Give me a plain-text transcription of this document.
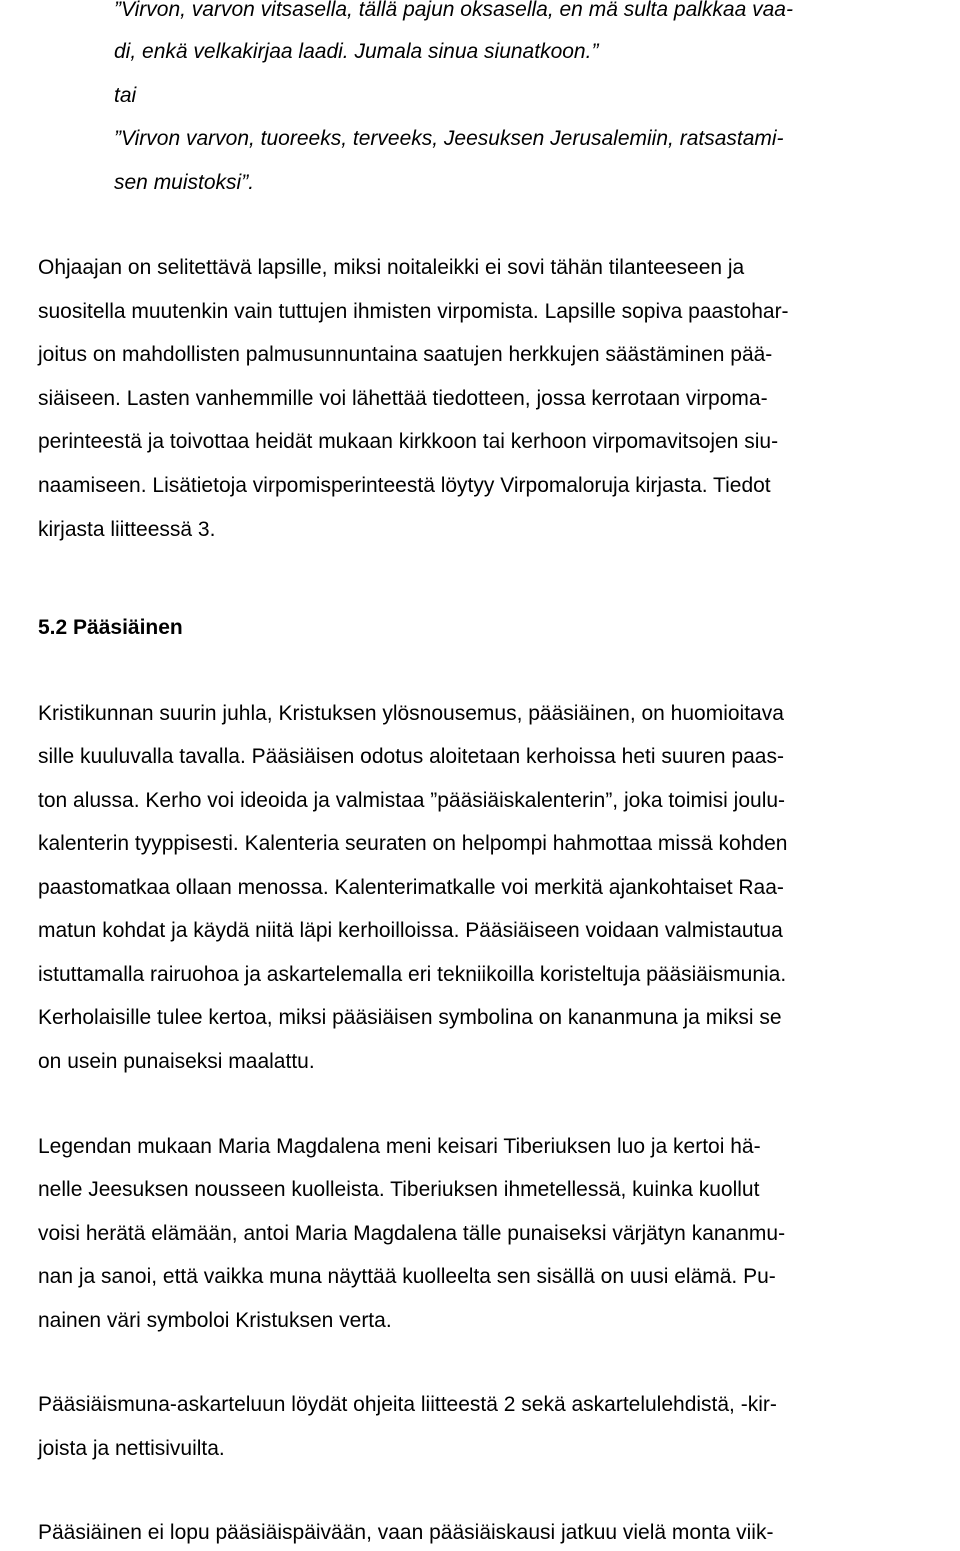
”Virvon, varvon vitsasella, tällä pajun oksasella, en mä sulta palkkaa vaa-

di, enkä velkakirjaa laadi. Jumala sinua siunatkoon.”

tai

”Virvon varvon, tuoreeks, terveeks, Jeesuksen Jerusalemiin, ratsastami-

sen muistoksi”.

Ohjaajan on selitettävä lapsille, miksi noitaleikki ei sovi tähän tilanteeseen ja

suositella muutenkin vain tuttujen ihmisten virpomista. Lapsille sopiva paastohar-

joitus on mahdollisten palmusunnuntaina saatujen herkkujen säästäminen pää-

siäiseen. Lasten vanhemmille voi lähettää tiedotteen, jossa kerrotaan virpoma-

perinteestä ja toivottaa heidät mukaan kirkkoon tai kerhoon virpomavitsojen siu-

naamiseen. Lisätietoja virpomisperinteestä löytyy Virpomaloruja kirjasta. Tiedot

kirjasta liitteessä 3.

5.2 Pääsiäinen

Kristikunnan suurin juhla, Kristuksen ylösnousemus, pääsiäinen, on huomioitava

sille kuuluvalla tavalla. Pääsiäisen odotus aloitetaan kerhoissa heti suuren paas-

ton alussa. Kerho voi ideoida ja valmistaa ”pääsiäiskalenterin”, joka toimisi joulu-

kalenterin tyyppisesti. Kalenteria seuraten on helpompi hahmottaa missä kohden

paastomatkaa ollaan menossa. Kalenterimatkalle voi merkitä ajankohtaiset Raa-

matun kohdat ja käydä niitä läpi kerhoilloissa. Pääsiäiseen voidaan valmistautua

istuttamalla rairuohoa ja askartelemalla eri tekniikoilla koristeltuja pääsiäismunia.

Kerholaisille tulee kertoa, miksi pääsiäisen symbolina on kananmuna ja miksi se

on usein punaiseksi maalattu.

Legendan mukaan Maria Magdalena meni keisari Tiberiuksen luo ja kertoi hä-

nelle Jeesuksen nousseen kuolleista. Tiberiuksen ihmetellessä, kuinka kuollut

voisi herätä elämään, antoi Maria Magdalena tälle punaiseksi värjätyn kananmu-

nan ja sanoi, että vaikka muna näyttää kuolleelta sen sisällä on uusi elämä. Pu-

nainen väri symboloi Kristuksen verta.

Pääsiäismuna-askarteluun löydät ohjeita liitteestä 2 sekä askartelulehdistä, -kir-

joista ja nettisivuilta.

Pääsiäinen ei lopu pääsiäispäivään, vaan pääsiäiskausi jatkuu vielä monta viik-
